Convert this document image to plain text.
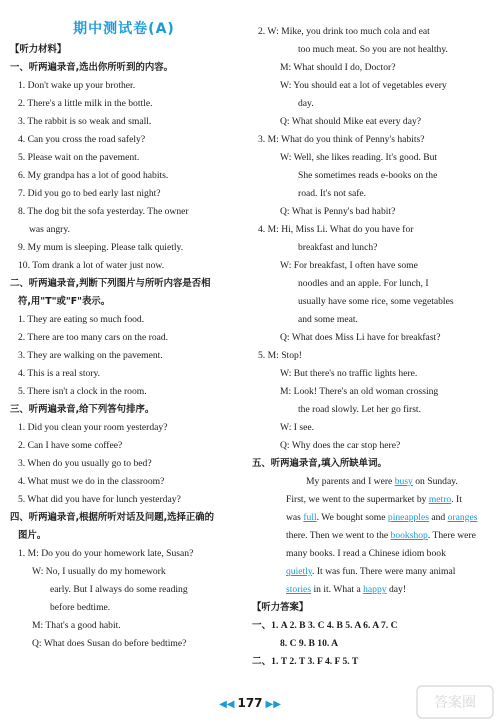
期中测试卷(A)
【听力材料】
一、听两遍录音,选出你所听到的内容。
1. Don't wake up your brother.
2. There's a little milk in the bottle.
3. The rabbit is so weak and small.
4. Can you cross the road safely?
5. Please wait on the pavement.
6. My grandpa has a lot of good habits.
7. Did you go to bed early last night?
8. The dog bit the sofa yesterday. The owner
was angry.
9. My mum is sleeping. Please talk quietly.
10. Tom drank a lot of water just now.
二、听两遍录音,判断下列图片与所听内容是否相
符,用"T"或"F"表示。
1. They are eating so much food.
2. There are too many cars on the road.
3. They are walking on the pavement.
4. This is a real story.
5. There isn't a clock in the room.
三、听两遍录音,给下列答句排序。
1. Did you clean your room yesterday?
2. Can I have some coffee?
3. When do you usually go to bed?
4. What must we do in the classroom?
5. What did you have for lunch yesterday?
四、听两遍录音,根据所听对话及问题,选择正确的
图片。
1. M: Do you do your homework late, Susan?
W: No, I usually do my homework
early. But I always do some reading
before bedtime.
M: That's a good habit.
Q: What does Susan do before bedtime?
2. W: Mike, you drink too much cola and eat
too much meat. So you are not healthy.
M: What should I do, Doctor?
W: You should eat a lot of vegetables every
day.
Q: What should Mike eat every day?
3. M: What do you think of Penny's habits?
W: Well, she likes reading. It's good. But
She sometimes reads e-books on the
road. It's not safe.
Q: What is Penny's bad habit?
4. M: Hi, Miss Li. What do you have for
breakfast and lunch?
W: For breakfast, I often have some
noodles and an apple. For lunch, I
usually have some rice, some vegetables
and some meat.
Q: What does Miss Li have for breakfast?
5. M: Stop!
W: But there's no traffic lights here.
M: Look! There's an old woman crossing
the road slowly. Let her go first.
W: I see.
Q: Why does the car stop here?
五、听两遍录音,填入所缺单词。
My parents and I were busy on Sunday.
First, we went to the supermarket by metro. It
was full. We bought some pineapples and oranges
there. Then we went to the bookshop. There were
many books. I read a Chinese idiom book
quietly. It was fun. There were many animal
stories in it. What a happy day!
【听力答案】
一、1. A 2. B 3. C 4. B 5. A 6. A 7. C
8. C 9. B 10. A
二、1. T 2. T 3. F 4. F 5. T
◀◀ 177 ▶▶	答案圈
